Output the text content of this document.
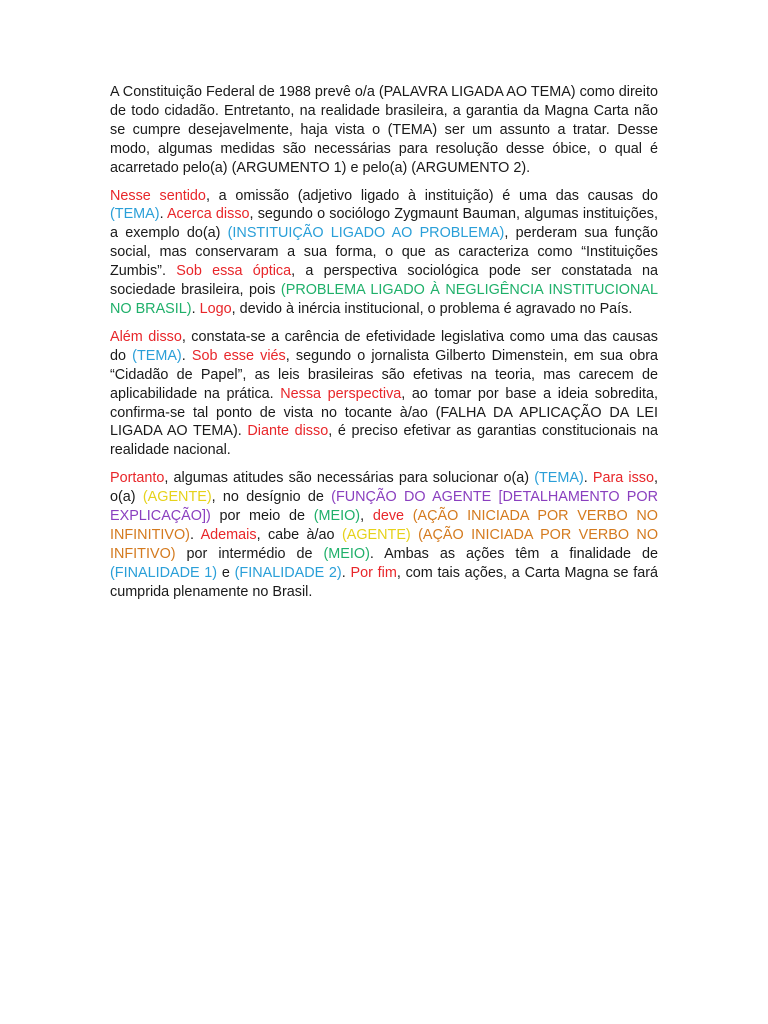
A Constituição Federal de 1988 prevê o/a (PALAVRA LIGADA AO TEMA) como direito de todo cidadão. Entretanto, na realidade brasileira, a garantia da Magna Carta não se cumpre desejavelmente, haja vista o (TEMA) ser um assunto a tratar. Desse modo, algumas medidas são necessárias para resolução desse óbice, o qual é acarretado pelo(a) (ARGUMENTO 1) e pelo(a) (ARGUMENTO 2).

Nesse sentido, a omissão (adjetivo ligado à instituição) é uma das causas do (TEMA). Acerca disso, segundo o sociólogo Zygmaunt Bauman, algumas instituições, a exemplo do(a) (INSTITUIÇÃO LIGADO AO PROBLEMA), perderam sua função social, mas conservaram a sua forma, o que as caracteriza como “Instituições Zumbis”. Sob essa óptica, a perspectiva sociológica pode ser constatada na sociedade brasileira, pois (PROBLEMA LIGADO À NEGLIGÊNCIA INSTITUCIONAL NO BRASIL). Logo, devido à inércia institucional, o problema é agravado no País.

Além disso, constata-se a carência de efetividade legislativa como uma das causas do (TEMA). Sob esse viés, segundo o jornalista Gilberto Dimenstein, em sua obra “Cidadão de Papel”, as leis brasileiras são efetivas na teoria, mas carecem de aplicabilidade na prática. Nessa perspectiva, ao tomar por base a ideia sobredita, confirma-se tal ponto de vista no tocante à/ao (FALHA DA APLICAÇÃO DA LEI LIGADA AO TEMA). Diante disso, é preciso efetivar as garantias constitucionais na realidade nacional.

Portanto, algumas atitudes são necessárias para solucionar o(a) (TEMA). Para isso, o(a) (AGENTE), no desígnio de (FUNÇÃO DO AGENTE [DETALHAMENTO POR EXPLICAÇÃO]) por meio de (MEIO), deve (AÇÃO INICIADA POR VERBO NO INFINITIVO). Ademais, cabe à/ao (AGENTE) (AÇÃO INICIADA POR VERBO NO INFITIVO) por intermédio de (MEIO). Ambas as ações têm a finalidade de (FINALIDADE 1) e (FINALIDADE 2). Por fim, com tais ações, a Carta Magna se fará cumprida plenamente no Brasil.
